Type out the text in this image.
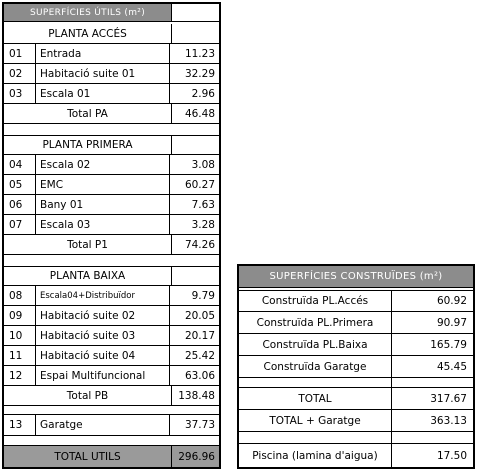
SUPERFÍCIES ÚTILS (m²)
PLANTA ACCÉS
01	Entrada	11.23
02	Habitació suite 01	32.29
03	Escala 01	2.96
Total PA	46.48
PLANTA PRIMERA
04	Escala 02	3.08
05	EMC	60.27
06	Bany 01	7.63
07	Escala 03	3.28
Total P1	74.26
PLANTA BAIXA
08	Escala04+Distribuïdor	9.79
09	Habitació suite 02	20.05
10	Habitació suite 03	20.17
11	Habitació suite 04	25.42
12	Espai Multifuncional	63.06
Total PB	138.48
13	Garatge	37.73
TOTAL UTILS	296.96
SUPERFÍCIES CONSTRUÏDES (m²)
Construïda PL.Accés	60.92
Construïda PL.Primera	90.97
Construïda PL.Baixa	165.79
Construïda Garatge	45.45
TOTAL	317.67
TOTAL + Garatge	363.13
Piscina (lamina d'aigua)	17.50
